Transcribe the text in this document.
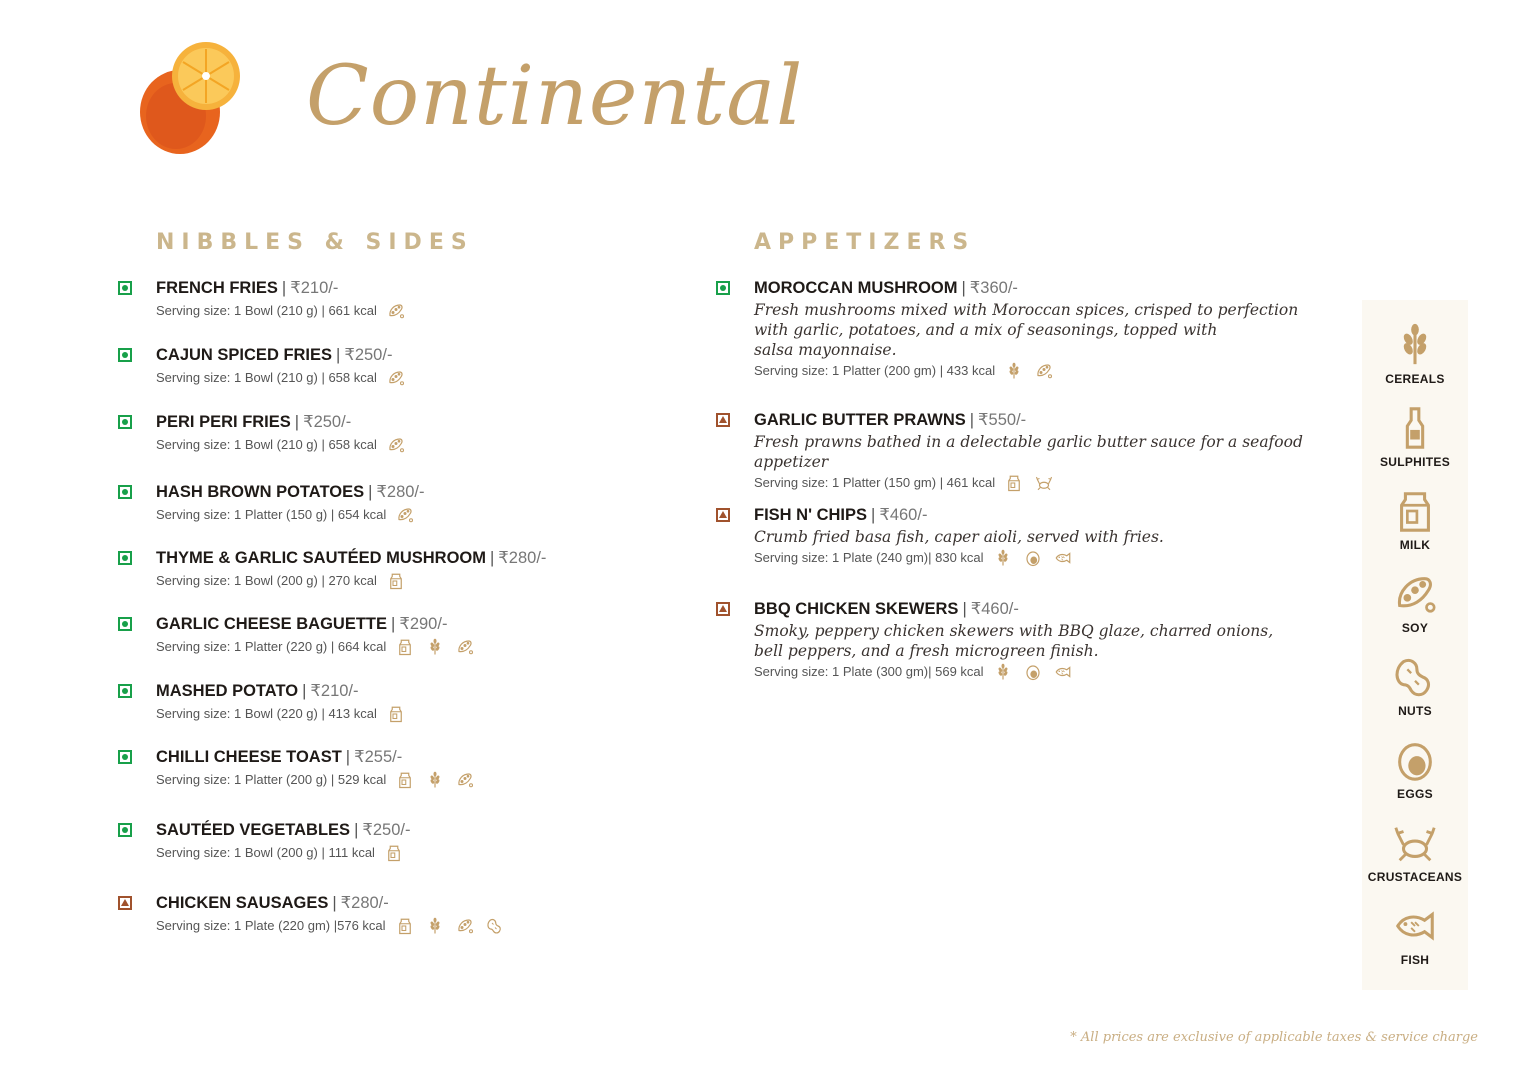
Continental
NIBBLES & SIDES
FRENCH FRIES | ₹210/-
Serving size: 1 Bowl (210 g) | 661 kcal
CAJUN SPICED FRIES | ₹250/-
Serving size: 1 Bowl (210 g) | 658 kcal
PERI PERI FRIES | ₹250/-
Serving size: 1 Bowl (210 g) | 658 kcal
HASH BROWN POTATOES | ₹280/-
Serving size: 1 Platter (150 g) | 654 kcal
THYME & GARLIC SAUTÉED MUSHROOM | ₹280/-
Serving size: 1 Bowl (200 g) | 270 kcal
GARLIC CHEESE BAGUETTE | ₹290/-
Serving size: 1 Platter (220 g) | 664 kcal
MASHED POTATO | ₹210/-
Serving size: 1 Bowl (220 g) | 413 kcal
CHILLI CHEESE TOAST | ₹255/-
Serving size: 1 Platter (200 g) | 529 kcal
SAUTÉED VEGETABLES | ₹250/-
Serving size: 1 Bowl (200 g) | 111 kcal
CHICKEN SAUSAGES | ₹280/-
Serving size: 1 Plate (220 gm) |576 kcal
APPETIZERS
MOROCCAN MUSHROOM | ₹360/-
Fresh mushrooms mixed with Moroccan spices, crisped to perfection
with garlic, potatoes, and a mix of seasonings, topped with
salsa mayonnaise.
Serving size: 1 Platter (200 gm) | 433 kcal
GARLIC BUTTER PRAWNS | ₹550/-
Fresh prawns bathed in a delectable garlic butter sauce for a seafood appetizer
Serving size: 1 Platter (150 gm) | 461 kcal
FISH N' CHIPS | ₹460/-
Crumb fried basa fish, caper aioli, served with fries.
Serving size: 1 Plate (240 gm)| 830 kcal
BBQ CHICKEN SKEWERS | ₹460/-
Smoky, peppery chicken skewers with BBQ glaze, charred onions,
bell peppers, and a fresh microgreen finish.
Serving size: 1 Plate (300 gm)| 569 kcal
CEREALS
SULPHITES
MILK
SOY
NUTS
EGGS
CRUSTACEANS
FISH
* All prices are exclusive of applicable taxes & service charge
